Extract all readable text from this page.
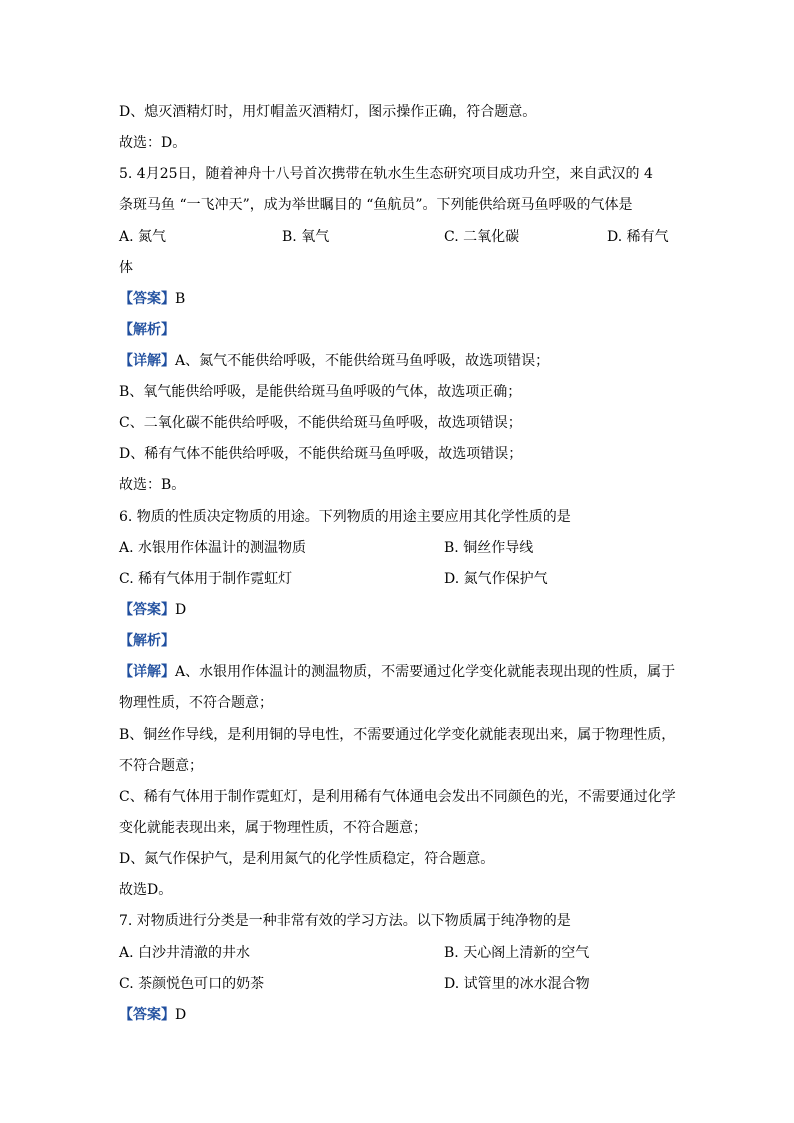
D、熄灭酒精灯时，用灯帽盖灭酒精灯，图示操作正确，符合题意。
故选：D。
5. 4月25日，随着神舟十八号首次携带在轨水生生态研究项目成功升空，来自武汉的 4
条斑马鱼 “一飞冲天”，成为举世瞩目的 “鱼航员”。下列能供给斑马鱼呼吸的气体是
A. 氮气	B. 氧气	C. 二氧化碳	D. 稀有气
体
【答案】B
【解析】
【详解】A、氮气不能供给呼吸，不能供给斑马鱼呼吸，故选项错误；
B、氧气能供给呼吸，是能供给斑马鱼呼吸的气体，故选项正确；
C、二氧化碳不能供给呼吸，不能供给斑马鱼呼吸，故选项错误；
D、稀有气体不能供给呼吸，不能供给斑马鱼呼吸，故选项错误；
故选：B。
6. 物质的性质决定物质的用途。下列物质的用途主要应用其化学性质的是
A. 水银用作体温计的测温物质	B. 铜丝作导线
C. 稀有气体用于制作霓虹灯	D. 氮气作保护气
【答案】D
【解析】
【详解】A、水银用作体温计的测温物质，不需要通过化学变化就能表现出现的性质，属于
物理性质，不符合题意；
B、铜丝作导线，是利用铜的导电性，不需要通过化学变化就能表现出来，属于物理性质，
不符合题意；
C、稀有气体用于制作霓虹灯，是利用稀有气体通电会发出不同颜色的光，不需要通过化学
变化就能表现出来，属于物理性质，不符合题意；
D、氮气作保护气，是利用氮气的化学性质稳定，符合题意。
故选D。
7. 对物质进行分类是一种非常有效的学习方法。以下物质属于纯净物的是
A. 白沙井清澈的井水	B. 天心阁上清新的空气
C. 茶颜悦色可口的奶茶	D. 试管里的冰水混合物
【答案】D
